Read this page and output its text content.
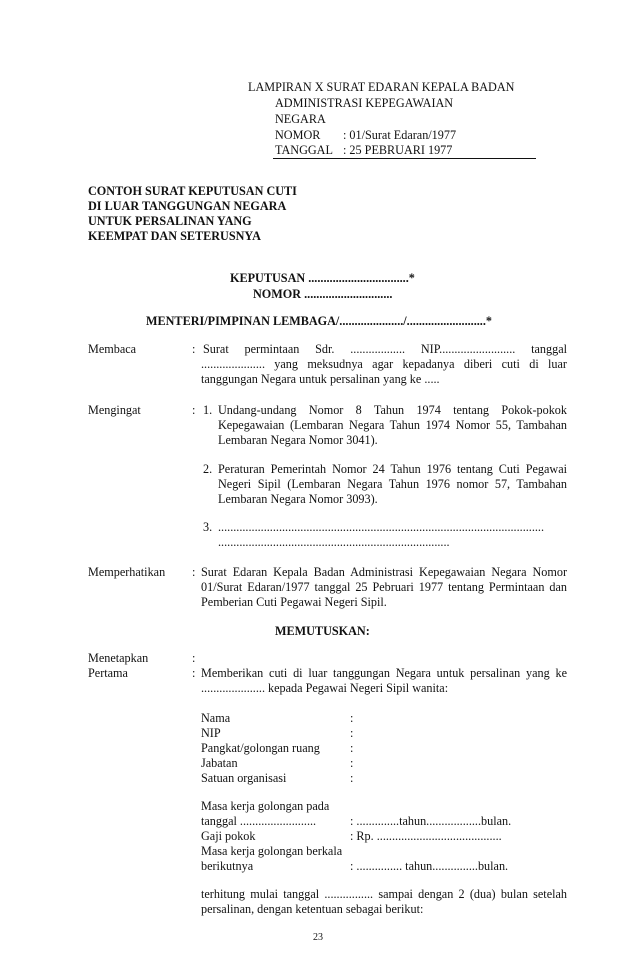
LAMPIRAN X SURAT EDARAN KEPALA BADAN
ADMINISTRASI KEPEGAWAIAN
NEGARA
NOMOR : 01/Surat Edaran/1977
TANGGAL : 25 PEBRUARI 1977
CONTOH SURAT KEPUTUSAN CUTI
DI LUAR TANGGUNGAN NEGARA
UNTUK PERSALINAN YANG
KEEMPAT DAN SETERUSNYA
KEPUTUSAN .................................*
NOMOR .............................
MENTERI/PIMPINAN LEMBAGA/...................../..........................*
Membaca	: Surat permintaan Sdr. .................. NIP......................... tanggal ..................... yang meksudnya agar kepadanya diberi cuti di luar tanggungan Negara untuk persalinan yang ke .....
Mengingat	: 1. Undang-undang Nomor 8 Tahun 1974 tentang Pokok-pokok Kepegawaian (Lembaran Negara Tahun 1974 Nomor 55, Tambahan Lembaran Negara Nomor 3041).
2. Peraturan Pemerintah Nomor 24 Tahun 1976 tentang Cuti Pegawai Negeri Sipil (Lembaran Negara Tahun 1976 nomor 57, Tambahan Lembaran Negara Nomor 3093).
3. ...........................................................................................................
............................................................................
Memperhatikan : Surat Edaran Kepala Badan Administrasi Kepegawaian Negara Nomor 01/Surat Edaran/1977 tanggal 25 Pebruari 1977 tentang Permintaan dan Pemberian Cuti Pegawai Negeri Sipil.
MEMUTUSKAN:
Menetapkan	:
Pertama	: Memberikan cuti di luar tanggungan Negara untuk persalinan yang ke ..................... kepada Pegawai Negeri Sipil wanita:
Nama	:
NIP	:
Pangkat/golongan ruang :
Jabatan	:
Satuan organisasi	:
Masa kerja golongan pada
tanggal .........................	: ..............tahun..................bulan.
Gaji pokok	: Rp. .........................................
Masa kerja golongan berkala
berikutnya	: ............... tahun...............bulan.
terhitung mulai tanggal ................ sampai dengan 2 (dua) bulan setelah persalinan, dengan ketentuan sebagai berikut:
23
